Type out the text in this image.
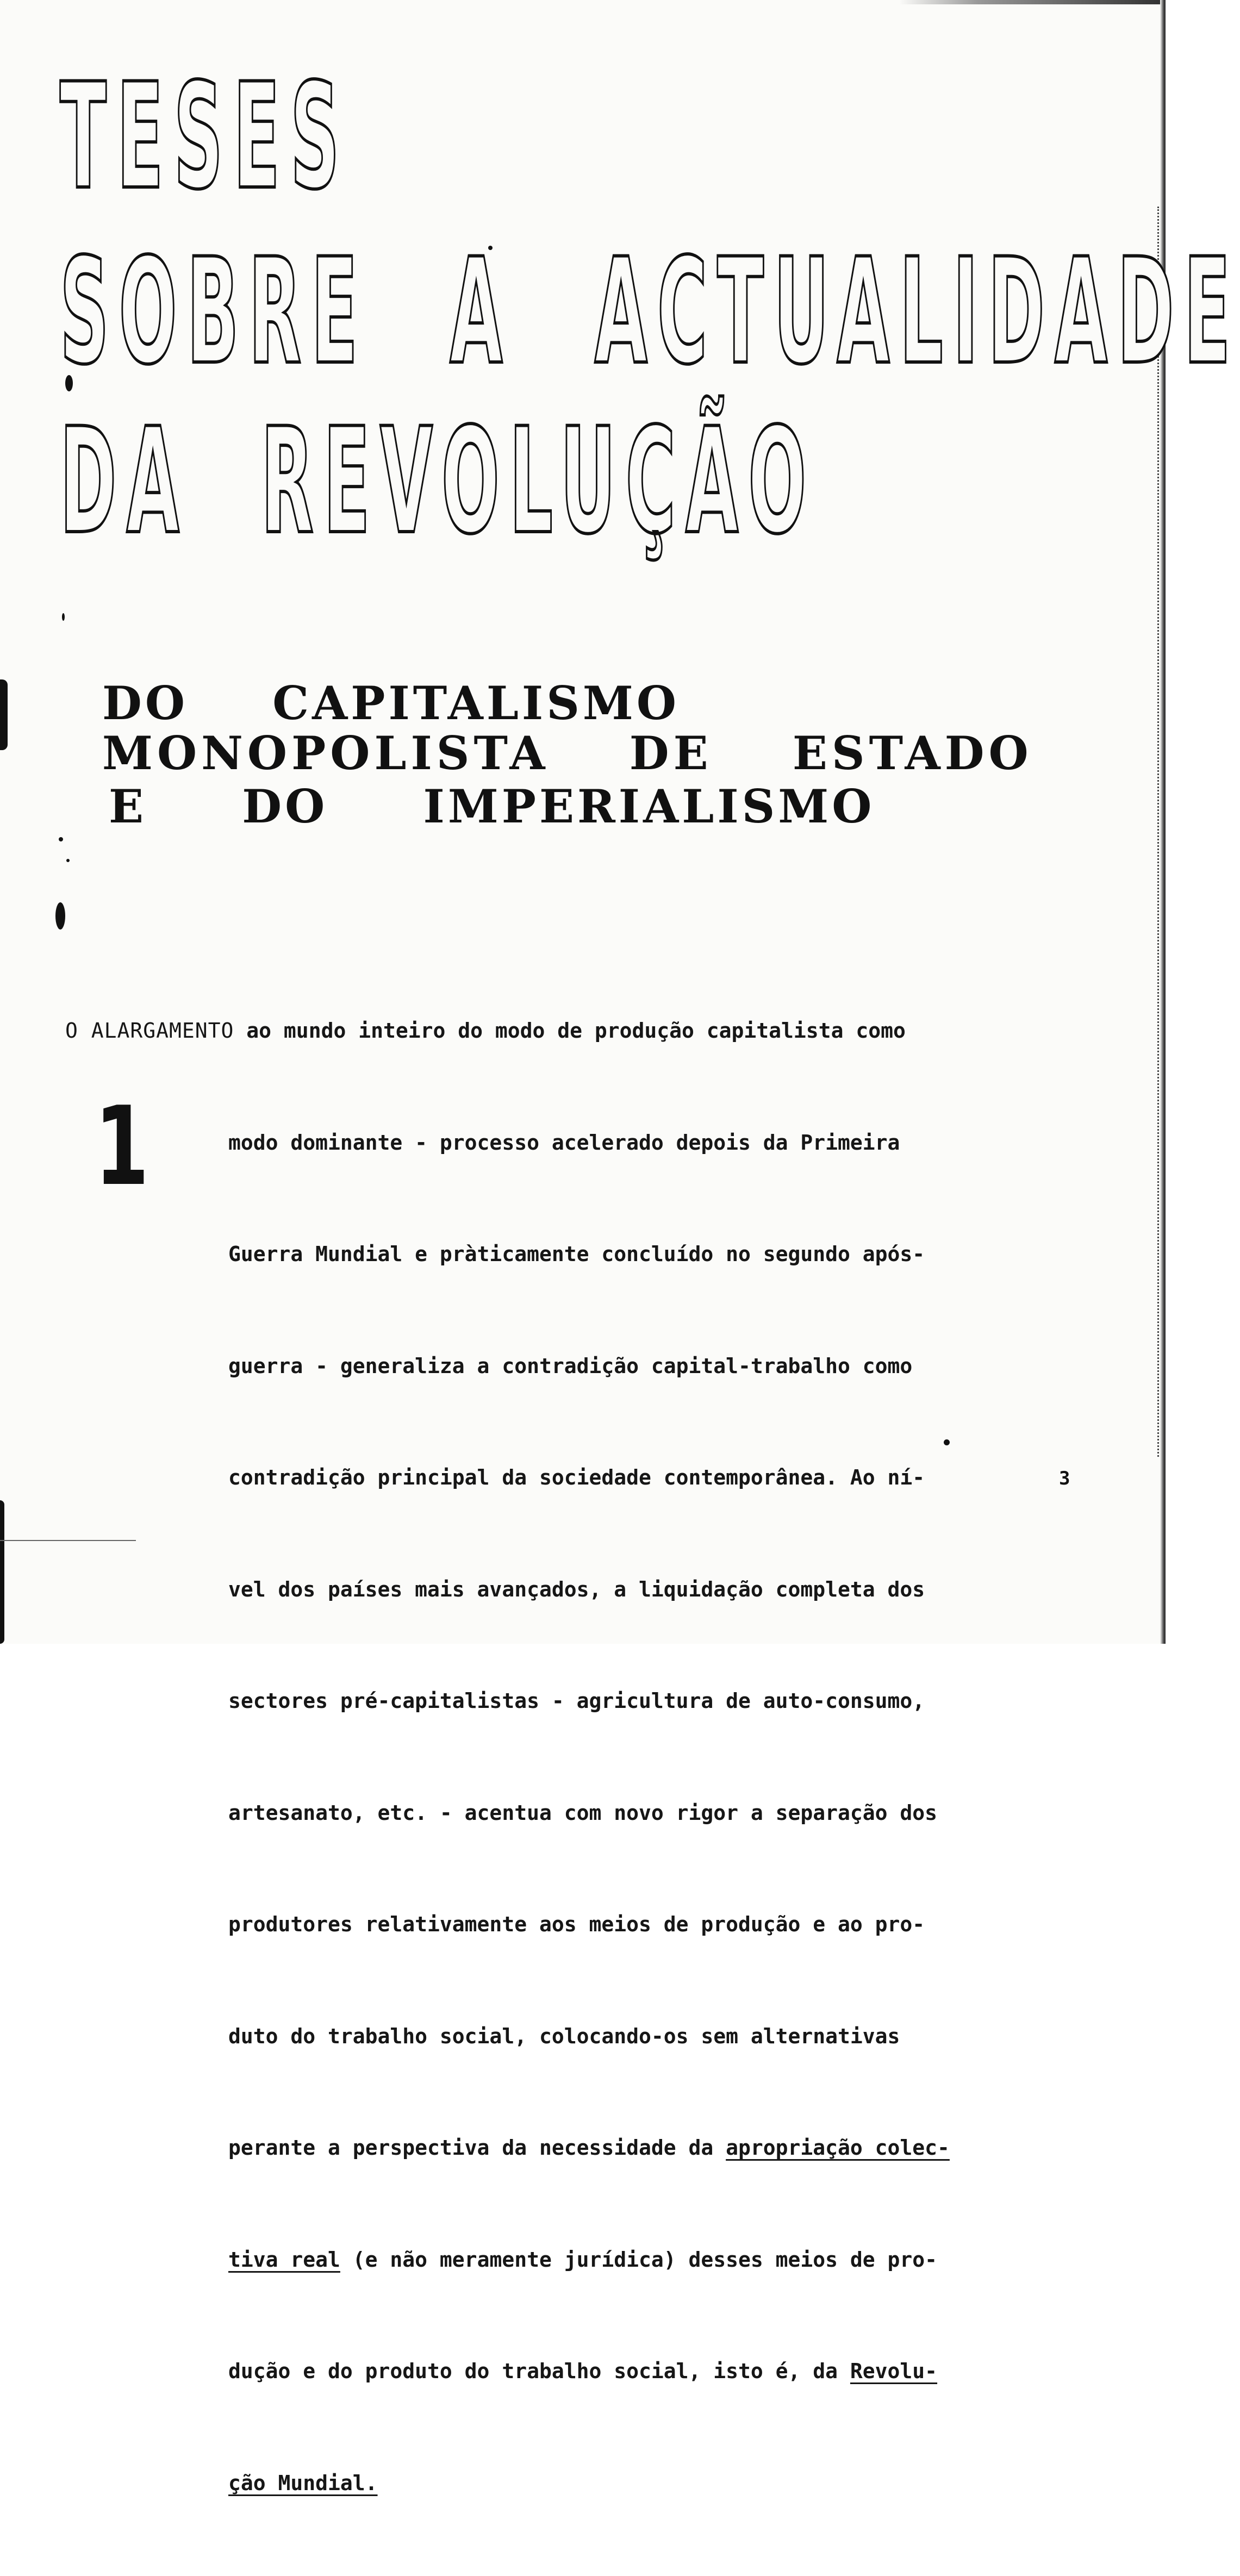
TESES
SOBRE A ACTUALIDADE
DA REVOLUÇÃO
DO CAPITALISMO
MONOPOLISTA DE ESTADO
E DO IMPERIALISMO
1

O ALARGAMENTO ao mundo inteiro do modo de produção capitalista como

modo dominante - processo acelerado depois da Primeira

Guerra Mundial e pràticamente concluído no segundo após-

guerra - generaliza a contradição capital-trabalho como

contradição principal da sociedade contemporânea. Ao ní-

vel dos países mais avançados, a liquidação completa dos

sectores pré-capitalistas - agricultura de auto-consumo,

artesanato, etc. - acentua com novo rigor a separação dos

produtores relativamente aos meios de produção e ao pro-

duto do trabalho social, colocando-os sem alternativas

perante a perspectiva da necessidade da apropriação colec-

tiva real (e não meramente jurídica) desses meios de pro-

dução e do produto do trabalho social, isto é, da Revolu-

ção Mundial.

3
